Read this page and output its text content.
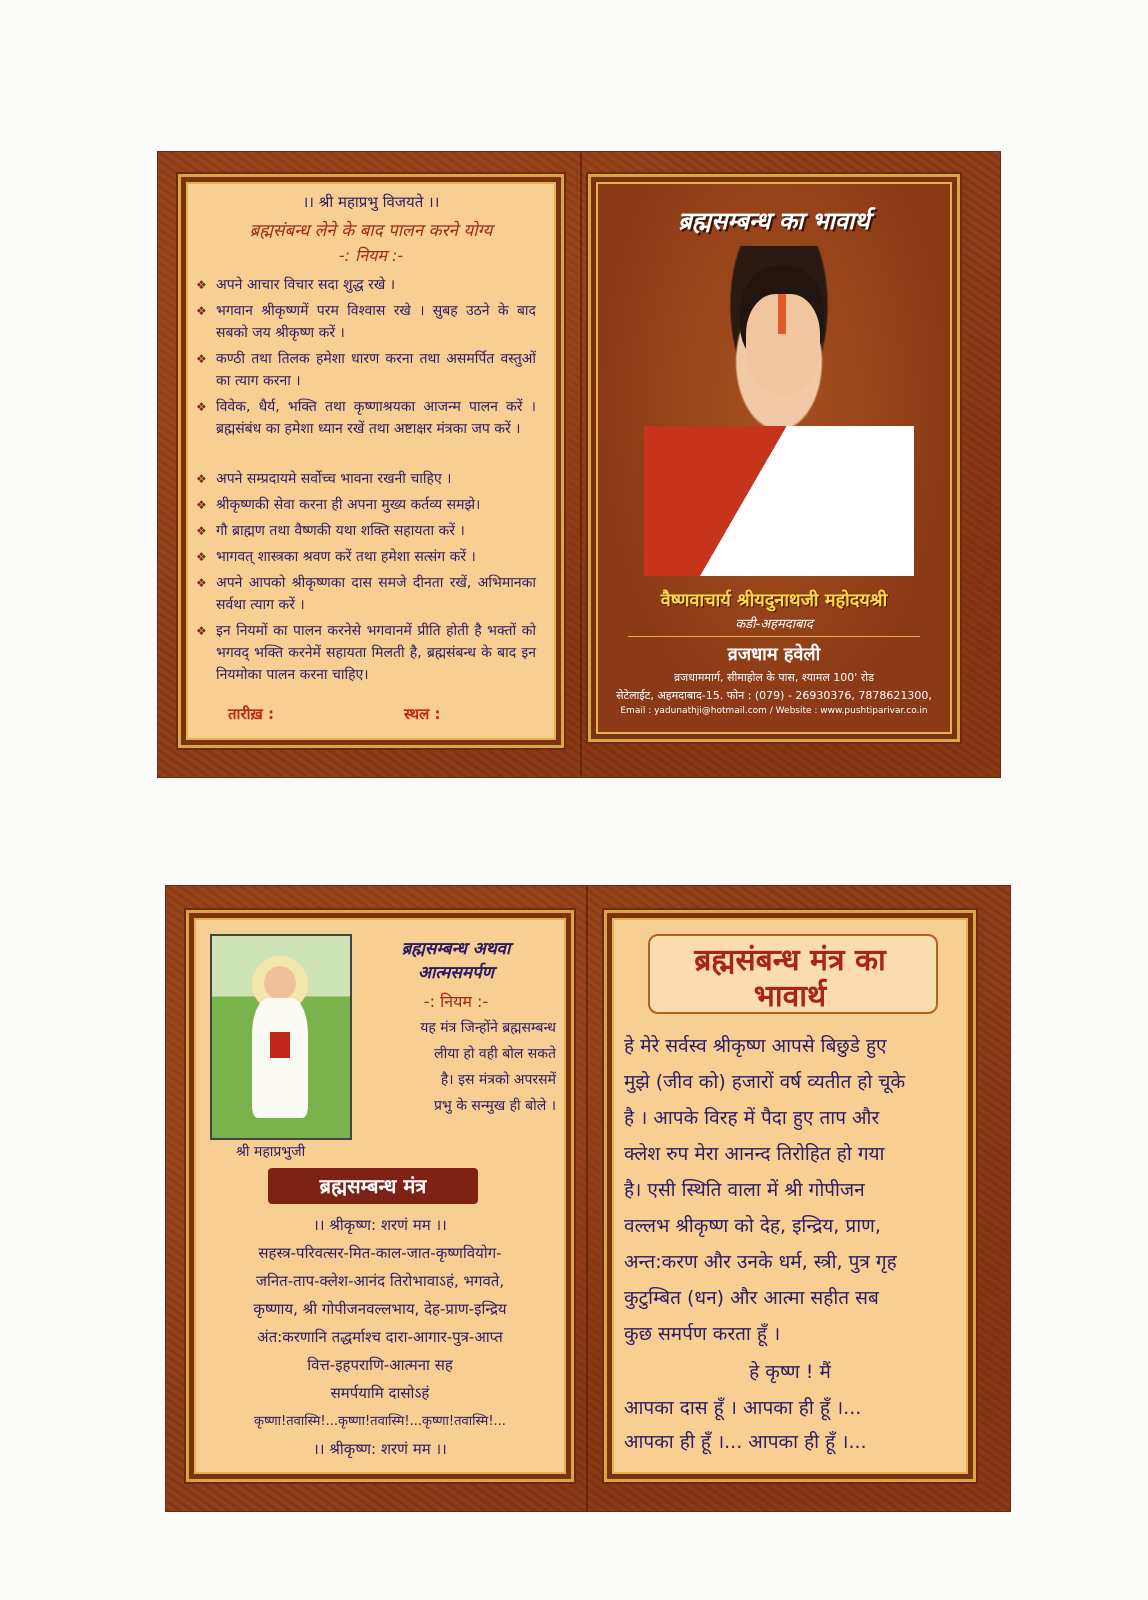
।। श्री महाप्रभु विजयते ।।
ब्रह्मसंबन्ध लेने के बाद पालन करने योग्य
-: नियम :-
❖ अपने आचार विचार सदा शुद्ध रखे ।
❖ भगवान श्रीकृष्णमें परम विश्वास रखे । सुबह उठने के बाद सबको जय श्रीकृष्ण करें ।
❖ कण्ठी तथा तिलक हमेशा धारण करना तथा असमर्पित वस्तुओं का त्याग करना ।
❖ विवेक, धैर्य, भक्ति तथा कृष्णाश्रयका आजन्म पालन करें । ब्रह्मसंबंध का हमेशा ध्यान रखें तथा अष्टाक्षर मंत्रका जप करें ।
❖ अपने सम्प्रदायमे सर्वोच्च भावना रखनी चाहिए ।
❖ श्रीकृष्णकी सेवा करना ही अपना मुख्य कर्तव्य समझे।
❖ गौ ब्राह्मण तथा वैष्णकी यथा शक्ति सहायता करें ।
❖ भागवत् शास्त्रका श्रवण करें तथा हमेशा सत्संग करें ।
❖ अपने आपको श्रीकृष्णका दास समजे दीनता रखें, अभिमानका सर्वथा त्याग करें ।
❖ इन नियमों का पालन करनेसे भगवानमें प्रीति होती है भक्तों को भगवद् भक्ति करनेमें सहायता मिलती है, ब्रह्मसंबन्ध के बाद इन नियमोका पालन करना चाहिए।
तारीख़ :	स्थल :
ब्रह्मसम्बन्ध का भावार्थ
वैष्णवाचार्य श्रीयदुनाथजी महोदयश्री
कडी-अहमदाबाद
व्रजधाम हवेली
व्रजधाममार्ग, सीमाहोल के पास, श्यामल 100' रोड
सेटेलाईट, अहमदाबाद-15. फोन : (079) - 26930376, 7878621300,
Email : yadunathji@hotmail.com / Website : www.pushtiparivar.co.in
श्री महाप्रभुजी
ब्रह्मसम्बन्ध अथवा
आत्मसमर्पण
-: नियम :-
यह मंत्र जिन्होंने ब्रह्मसम्बन्ध
लीया हो वही बोल सकते
है। इस मंत्रको अपरसमें
प्रभु के सन्मुख ही बोले ।
ब्रह्मसम्बन्ध मंत्र
।। श्रीकृष्ण: शरणं मम ।।
सहस्त्र-परिवत्सर-मित-काल-जात-कृष्णवियोग-
जनित-ताप-क्लेश-आनंद तिरोभावाऽहं, भगवते,
कृष्णाय, श्री गोपीजनवल्लभाय, देह-प्राण-इन्द्रिय
अंत:करणानि तद्धर्माश्च दारा-आगार-पुत्र-आप्त
वित्त-इहपराणि-आत्मना सह
समर्पयामि दासोऽहं
कृष्णा!तवास्मि!...कृष्णा!तवास्मि!...कृष्णा!तवास्मि!...
।। श्रीकृष्ण: शरणं मम ।।
ब्रह्मसंबन्ध मंत्र का
भावार्थ
हे मेरे सर्वस्व श्रीकृष्ण आपसे बिछुडे हुए
मुझे (जीव को) हजारों वर्ष व्यतीत हो चूके
है । आपके विरह में पैदा हुए ताप और
क्लेश रुप मेरा आनन्द तिरोहित हो गया
है। एसी स्थिति वाला में श्री गोपीजन
वल्लभ श्रीकृष्ण को देह, इन्द्रिय, प्राण,
अन्त:करण और उनके धर्म, स्त्री, पुत्र गृह
कुटुम्बित (धन) और आत्मा सहीत सब
कुछ समर्पण करता हूँ ।
हे कृष्ण ! मैं
आपका दास हूँ । आपका ही हूँ ।...
आपका ही हूँ ।... आपका ही हूँ ।...
